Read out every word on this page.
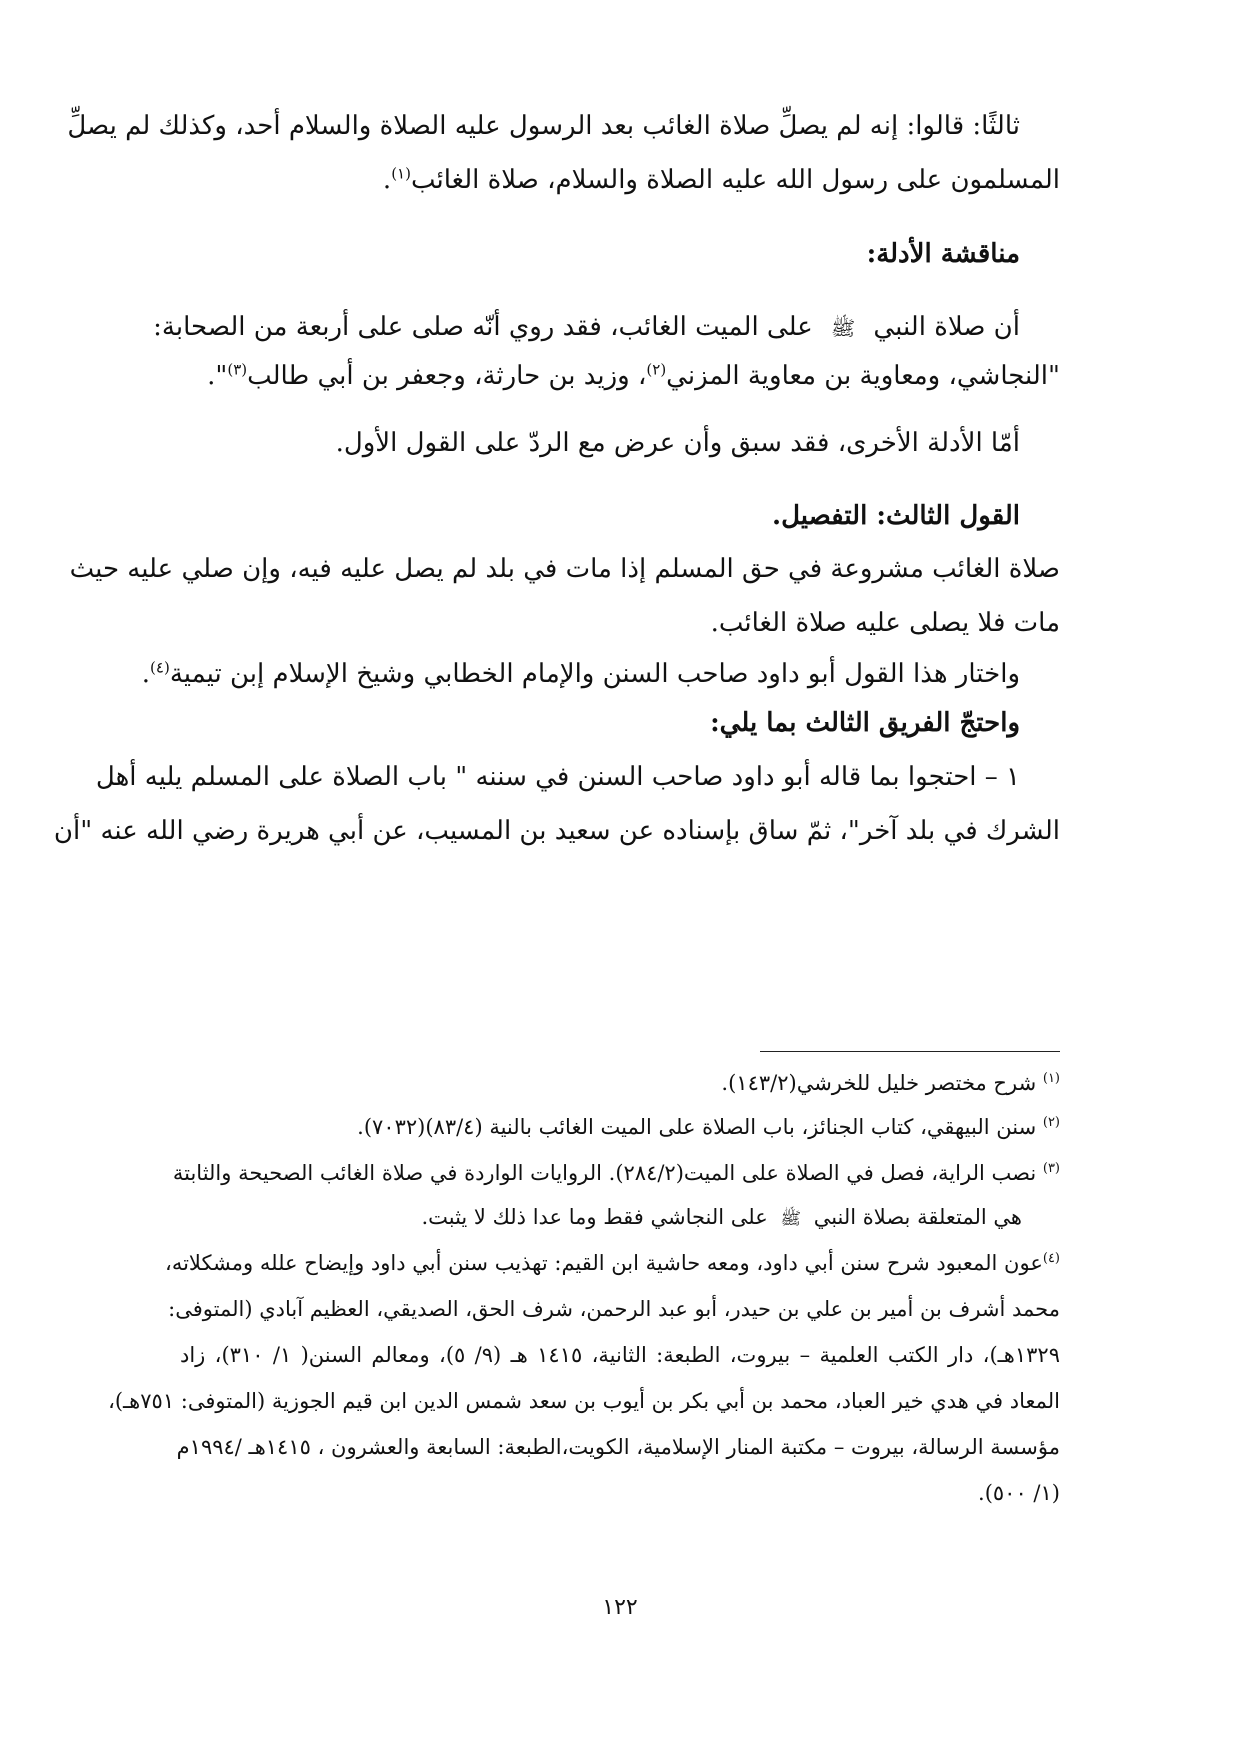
ثالثًا: قالوا: إنه لم يصلِّ صلاة الغائب بعد الرسول عليه الصلاة والسلام أحد، وكذلك لم يصلِّ
المسلمون على رسول الله عليه الصلاة والسلام، صلاة الغائب$^{(١)}$.
مناقشة الأدلة:
أن صلاة النبي ﷺ على الميت الغائب، فقد روي أنّه صلى على أربعة من الصحابة:
"النجاشي، ومعاوية بن معاوية المزني$^{(٢)}$، وزيد بن حارثة، وجعفر بن أبي طالب$^{(٣)}$".
أمّا الأدلة الأخرى، فقد سبق وأن عرض مع الردّ على القول الأول.
القول الثالث: التفصيل.
صلاة الغائب مشروعة في حق المسلم إذا مات في بلد لم يصل عليه فيه، وإن صلي عليه حيث
مات فلا يصلى عليه صلاة الغائب.
واختار هذا القول أبو داود صاحب السنن والإمام الخطابي وشيخ الإسلام إبن تيمية$^{(٤)}$.
واحتجّ الفريق الثالث بما يلي:
١ – احتجوا بما قاله أبو داود صاحب السنن في سننه " باب الصلاة على المسلم يليه أهل
الشرك في بلد آخر"، ثمّ ساق بإسناده عن سعيد بن المسيب، عن أبي هريرة رضي الله عنه "أن
$^{(١)}$ شرح مختصر خليل للخرشي(١٤٣/٢).
$^{(٢)}$ سنن البيهقي، كتاب الجنائز، باب الصلاة على الميت الغائب بالنية (٨٣/٤)(٧٠٣٢).
$^{(٣)}$ نصب الراية، فصل في الصلاة على الميت(٢٨٤/٢). الروايات الواردة في صلاة الغائب الصحيحة والثابتة
هي المتعلقة بصلاة النبي ﷺ على النجاشي فقط وما عدا ذلك لا يثبت.
$^{(٤)}$عون المعبود شرح سنن أبي داود، ومعه حاشية ابن القيم: تهذيب سنن أبي داود وإيضاح علله ومشكلاته،
محمد أشرف بن أمير بن علي بن حيدر، أبو عبد الرحمن، شرف الحق، الصديقي، العظيم آبادي (المتوفى:
١٣٢٩هـ)، دار الكتب العلمية – بيروت، الطبعة: الثانية، ١٤١٥ هـ (٩/ ٥)، ومعالم السنن( ١/ ٣١٠)، زاد
المعاد في هدي خير العباد، محمد بن أبي بكر بن أيوب بن سعد شمس الدين ابن قيم الجوزية (المتوفى: ٧٥١هـ)،
مؤسسة الرسالة، بيروت – مكتبة المنار الإسلامية، الكويت،الطبعة: السابعة والعشرون ، ١٤١٥هـ /١٩٩٤م
(١/ ٥٠٠).
١٢٢
